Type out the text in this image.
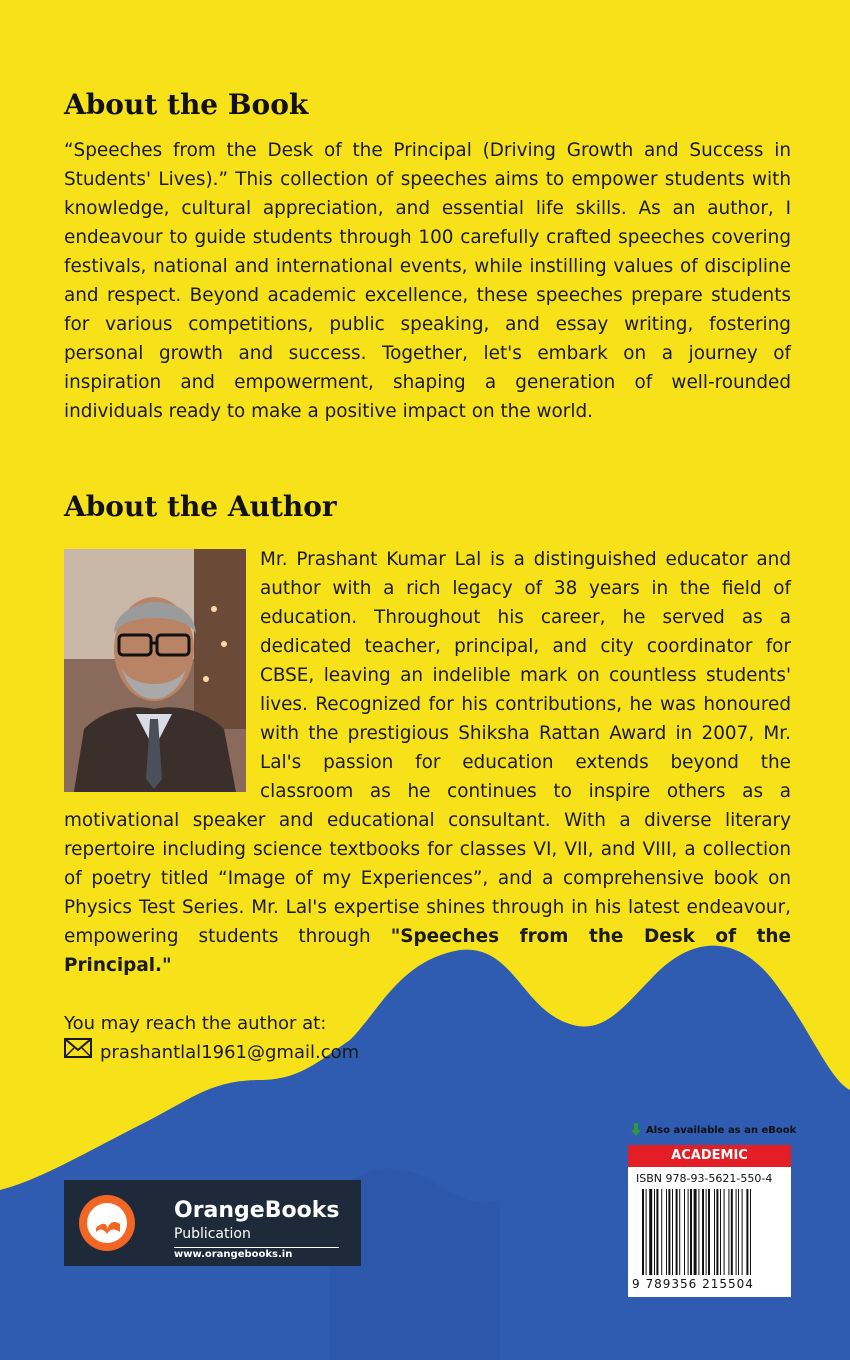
About the Book

“Speeches from the Desk of the Principal (Driving Growth and Success in Students' Lives).” This collection of speeches aims to empower students with knowledge, cultural appreciation, and essential life skills. As an author, I endeavour to guide students through 100 carefully crafted speeches covering festivals, national and international events, while instilling values of discipline and respect. Beyond academic excellence, these speeches prepare students for various competitions, public speaking, and essay writing, fostering personal growth and success. Together, let's embark on a journey of inspiration and empowerment, shaping a generation of well-rounded individuals ready to make a positive impact on the world.

About the Author

Mr. Prashant Kumar Lal is a distinguished educator and author with a rich legacy of 38 years in the field of education. Throughout his career, he served as a dedicated teacher, principal, and city coordinator for CBSE, leaving an indelible mark on countless students' lives. Recognized for his contributions, he was honoured with the prestigious Shiksha Rattan Award in 2007, Mr. Lal's passion for education extends beyond the classroom as he continues to inspire others as a motivational speaker and educational consultant. With a diverse literary repertoire including science textbooks for classes VI, VII, and VIII, a collection of poetry titled “Image of my Experiences”, and a comprehensive book on Physics Test Series. Mr. Lal's expertise shines through in his latest endeavour, empowering students through "Speeches from the Desk of the Principal."

You may reach the author at:
prashantlal1961@gmail.com
OrangeBooks
Publication
www.orangebooks.in
Also available as an eBook
ACADEMIC
ISBN 978-93-5621-550-4
9 789356 215504
